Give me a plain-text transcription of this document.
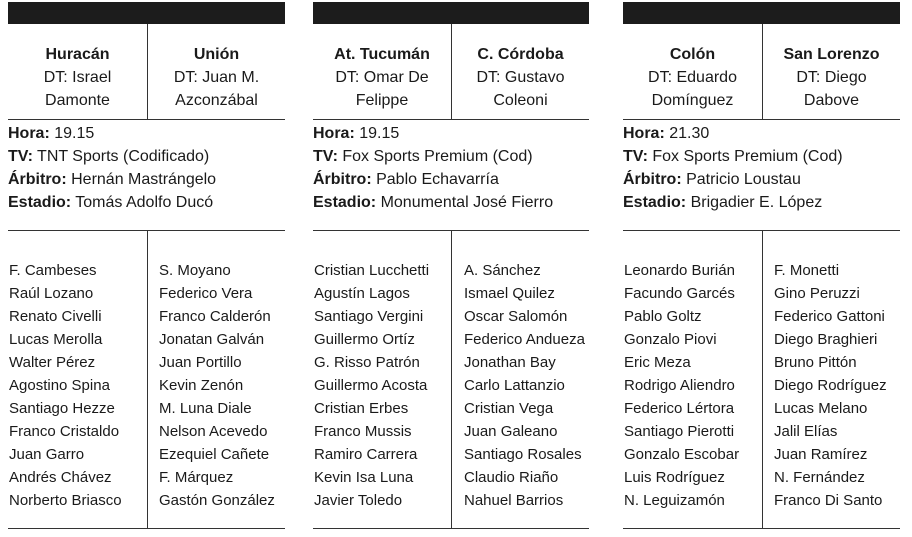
Huracán
DT: Israel
Damonte
Unión
DT: Juan M.
Azconzábal
Hora: 19.15
TV: TNT Sports (Codificado)
Árbitro: Hernán Mastrángelo
Estadio: Tomás Adolfo Ducó
F. Cambeses
Raúl Lozano
Renato Civelli
Lucas Merolla
Walter Pérez
Agostino Spina
Santiago Hezze
Franco Cristaldo
Juan Garro
Andrés Chávez
Norberto Briasco
S. Moyano
Federico Vera
Franco Calderón
Jonatan Galván
Juan Portillo
Kevin Zenón
M. Luna Diale
Nelson Acevedo
Ezequiel Cañete
F. Márquez
Gastón González
At. Tucumán
DT: Omar De
Felippe
C. Córdoba
DT: Gustavo
Coleoni
Hora: 19.15
TV: Fox Sports Premium (Cod)
Árbitro: Pablo Echavarría
Estadio: Monumental José Fierro
Cristian Lucchetti
Agustín Lagos
Santiago Vergini
Guillermo Ortíz
G. Risso Patrón
Guillermo Acosta
Cristian Erbes
Franco Mussis
Ramiro Carrera
Kevin Isa Luna
Javier Toledo
A. Sánchez
Ismael Quilez
Oscar Salomón
Federico Andueza
Jonathan Bay
Carlo Lattanzio
Cristian Vega
Juan Galeano
Santiago Rosales
Claudio Riaño
Nahuel Barrios
Colón
DT: Eduardo
Domínguez
San Lorenzo
DT: Diego
Dabove
Hora: 21.30
TV: Fox Sports Premium (Cod)
Árbitro: Patricio Loustau
Estadio: Brigadier E. López
Leonardo Burián
Facundo Garcés
Pablo Goltz
Gonzalo Piovi
Eric Meza
Rodrigo Aliendro
Federico Lértora
Santiago Pierotti
Gonzalo Escobar
Luis Rodríguez
N. Leguizamón
F. Monetti
Gino Peruzzi
Federico Gattoni
Diego Braghieri
Bruno Pittón
Diego Rodríguez
Lucas Melano
Jalil Elías
Juan Ramírez
N. Fernández
Franco Di Santo
